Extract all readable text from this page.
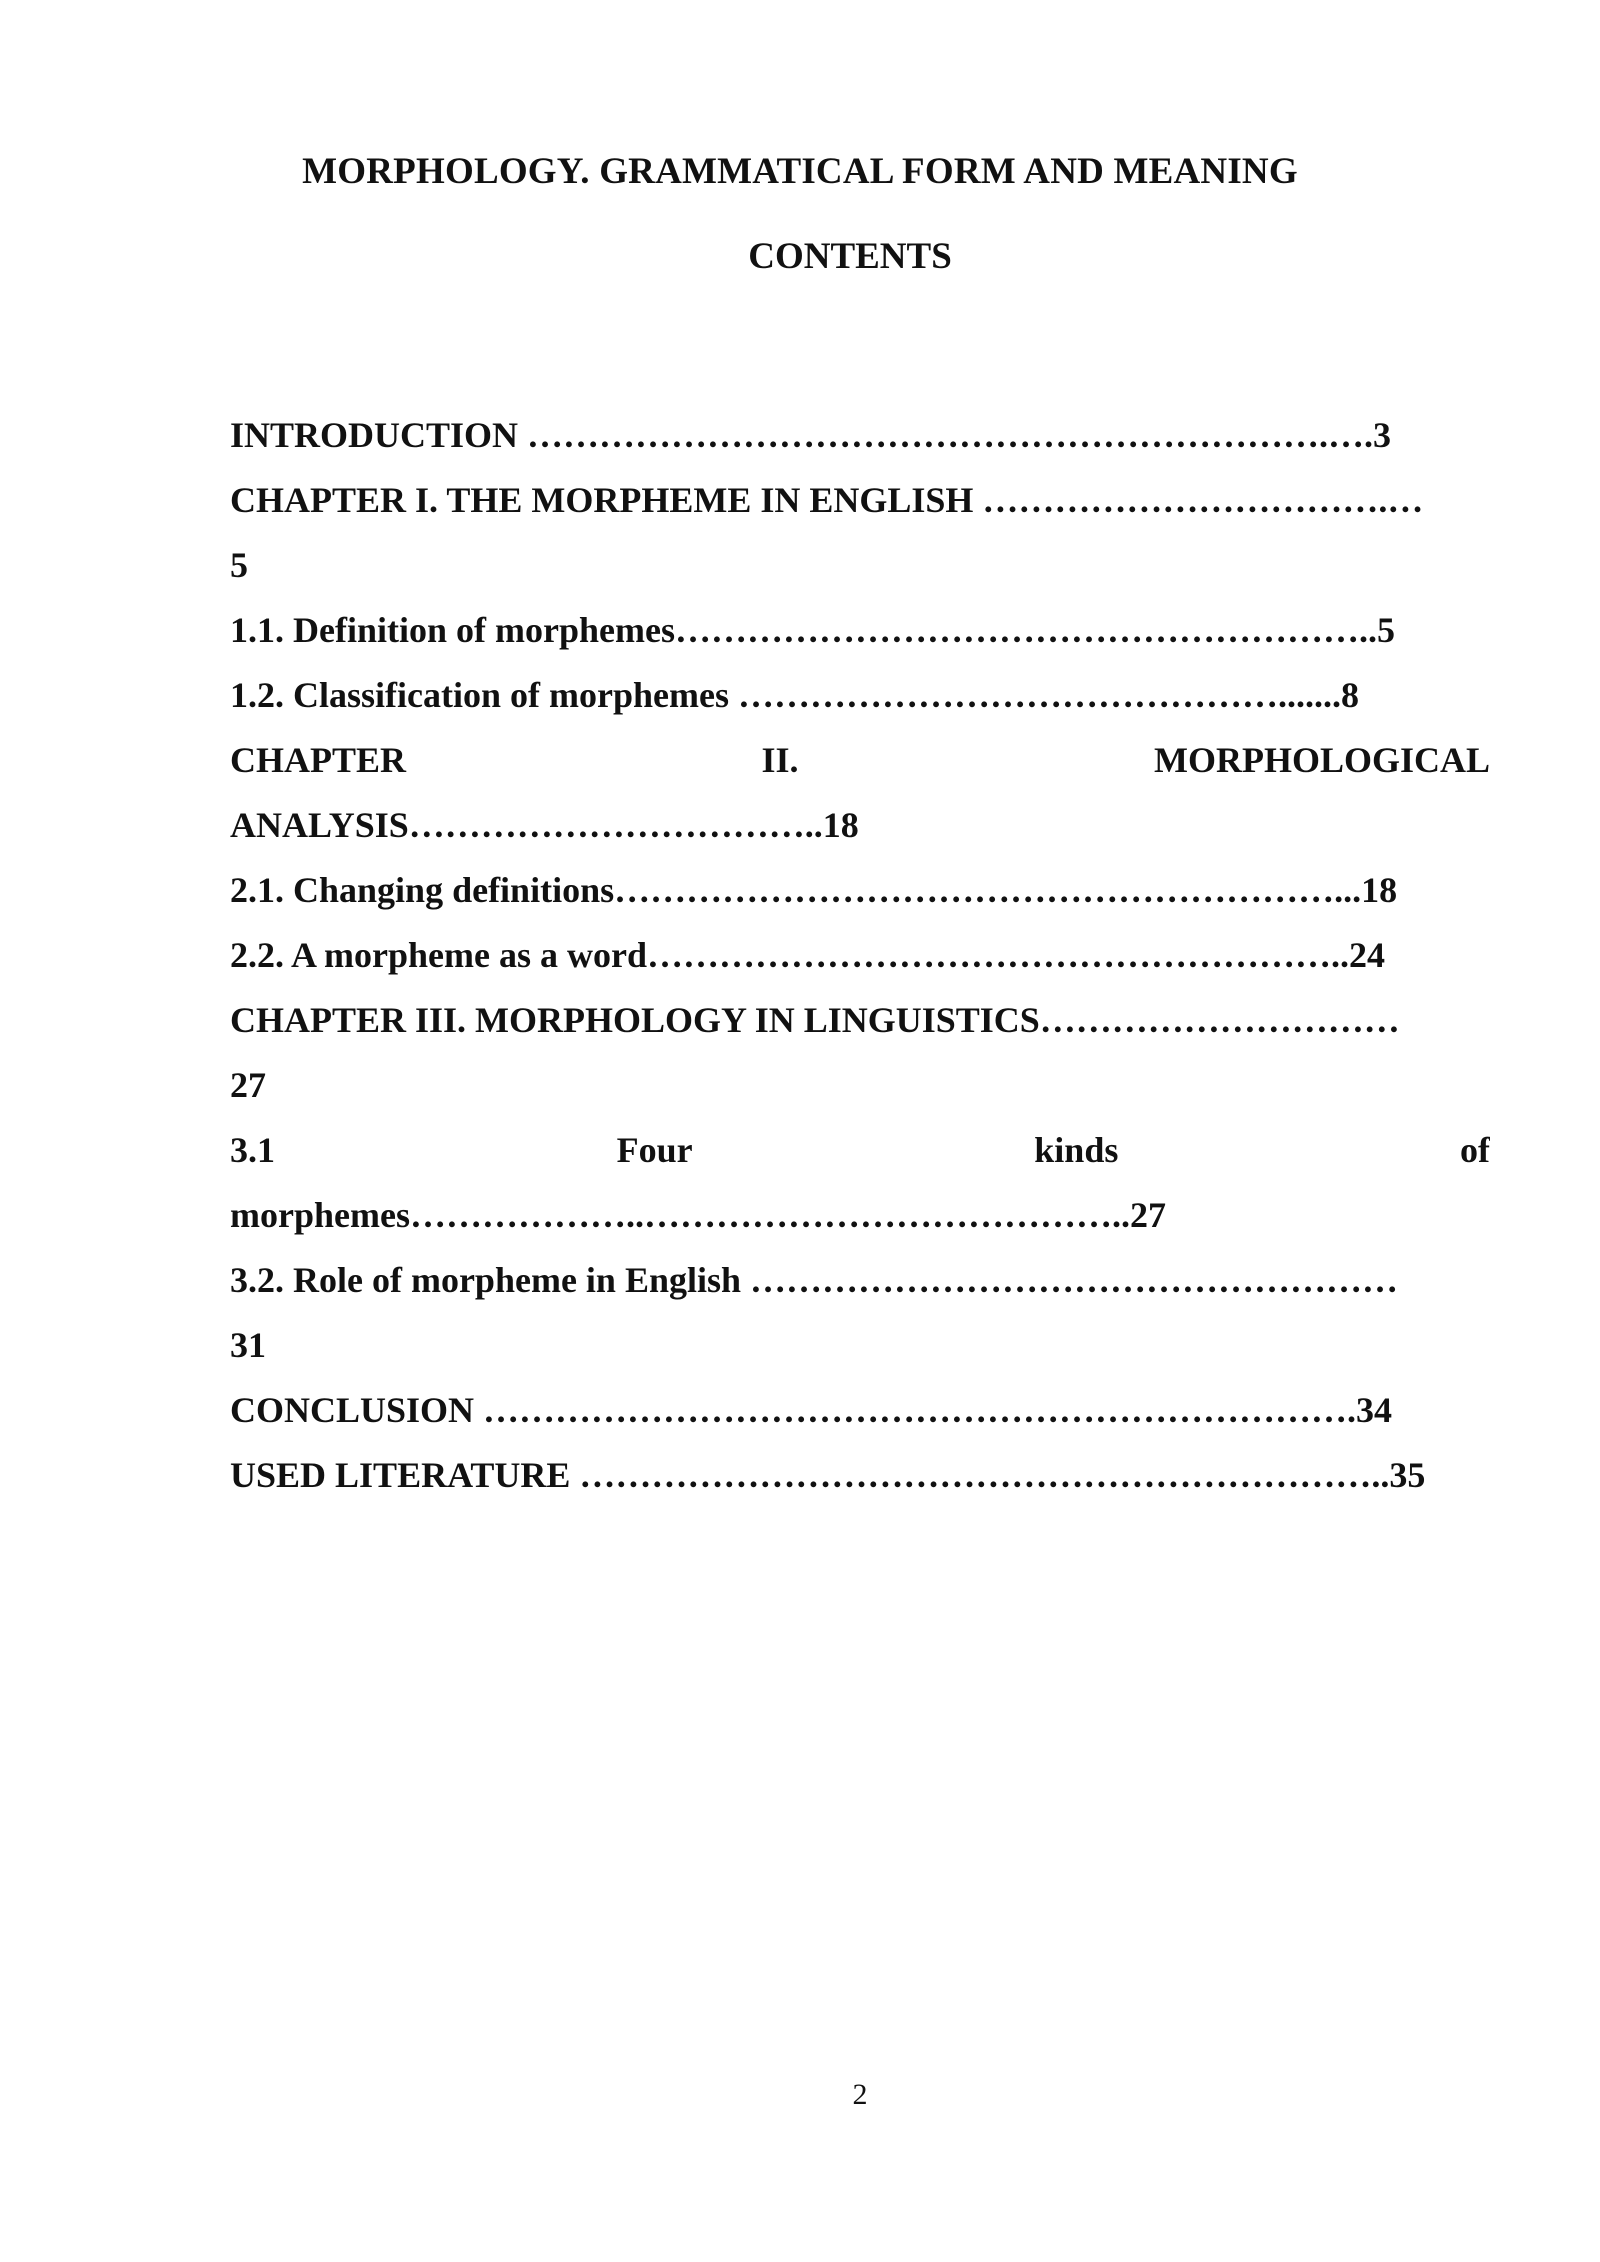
MORPHOLOGY. GRAMMATICAL FORM AND MEANING
CONTENTS
INTRODUCTION ………………………………………………………….….3
CHAPTER I. THE MORPHEME IN ENGLISH …………………………….…
5
1.1. Definition of morphemes…………………………………………………..5
1.2. Classification of morphemes ……………………………………….......8
CHAPTER	II.	MORPHOLOGICAL
ANALYSIS……………………………..18
2.1. Changing definitions……………………………………………………...18
2.2. A morpheme as a word…………………………………………………..24
CHAPTER III. MORPHOLOGY IN LINGUISTICS…………………………
27
3.1	Four	kinds	of
morphemes………………..…………………………………..27
3.2. Role of morpheme in English ………………………………………………
31
CONCLUSION ……………………………………………………………….34
USED LITERATURE …………………………………………………………..35
2
